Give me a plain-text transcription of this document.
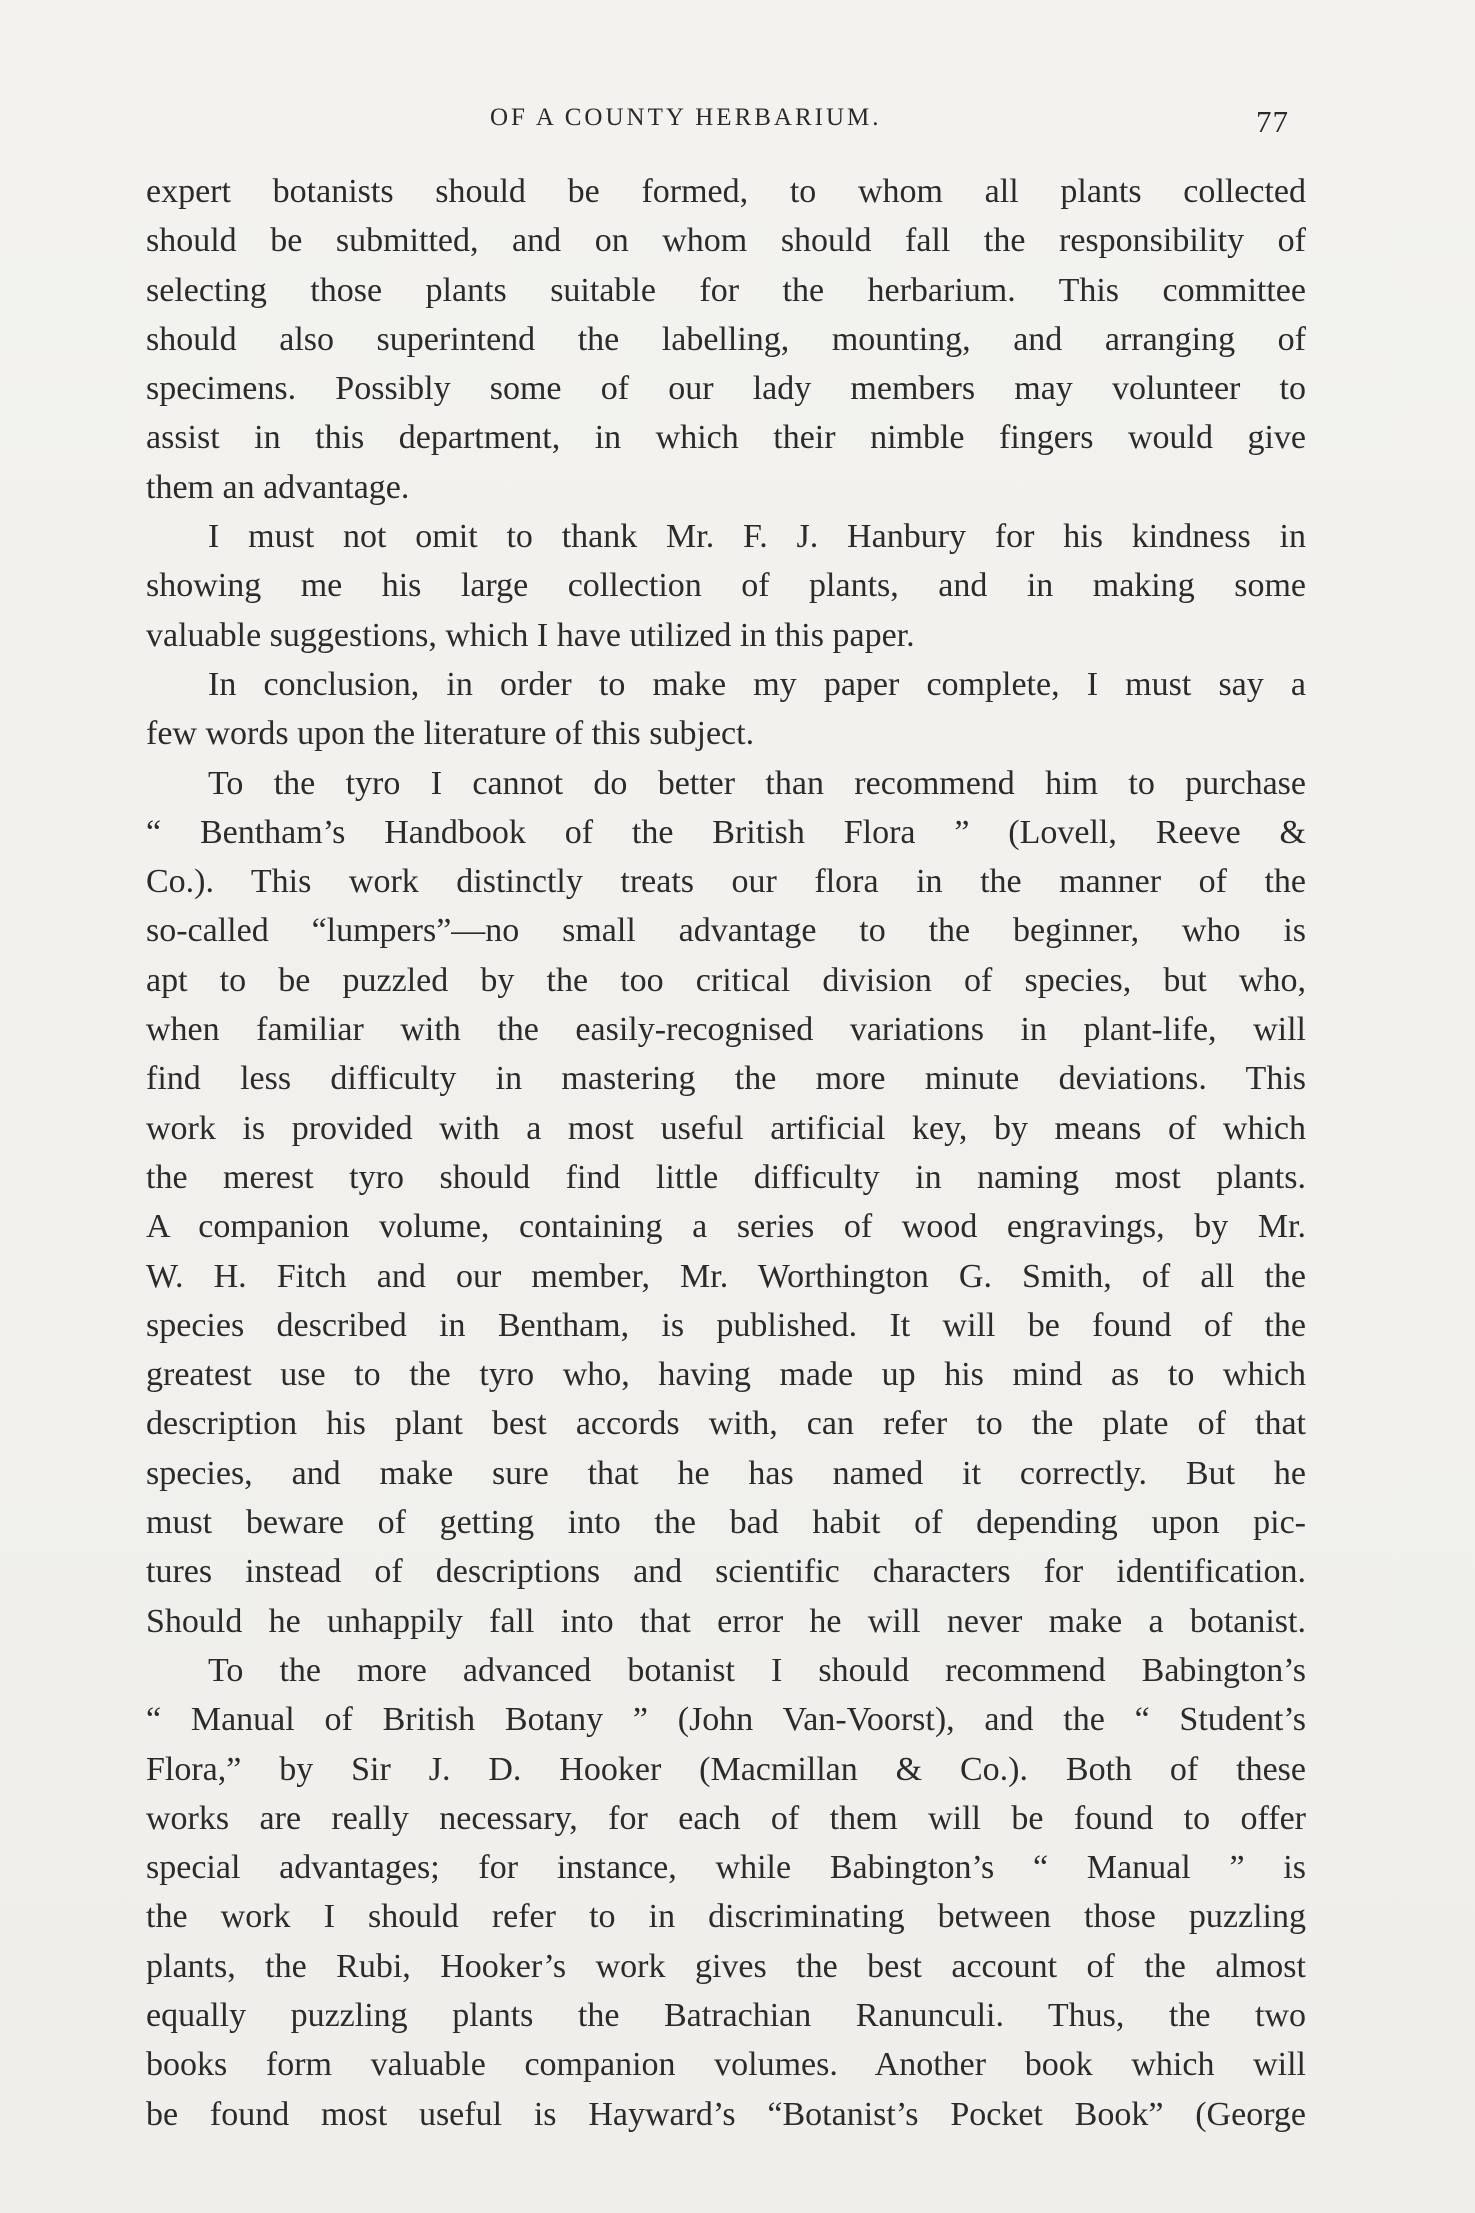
OF A COUNTY HERBARIUM.	77

expert botanists should be formed, to whom all plants collected
should be submitted, and on whom should fall the responsibility of
selecting those plants suitable for the herbarium. This committee
should also superintend the labelling, mounting, and arranging of
specimens. Possibly some of our lady members may volunteer to
assist in this department, in which their nimble fingers would give
them an advantage.

I must not omit to thank Mr. F. J. Hanbury for his kindness in
showing me his large collection of plants, and in making some
valuable suggestions, which I have utilized in this paper.

In conclusion, in order to make my paper complete, I must say a
few words upon the literature of this subject.

To the tyro I cannot do better than recommend him to purchase
“ Bentham’s Handbook of the British Flora ” (Lovell, Reeve &
Co.). This work distinctly treats our flora in the manner of the
so-called “lumpers”—no small advantage to the beginner, who is
apt to be puzzled by the too critical division of species, but who,
when familiar with the easily-recognised variations in plant-life, will
find less difficulty in mastering the more minute deviations. This
work is provided with a most useful artificial key, by means of which
the merest tyro should find little difficulty in naming most plants.
A companion volume, containing a series of wood engravings, by Mr.
W. H. Fitch and our member, Mr. Worthington G. Smith, of all the
species described in Bentham, is published. It will be found of the
greatest use to the tyro who, having made up his mind as to which
description his plant best accords with, can refer to the plate of that
species, and make sure that he has named it correctly. But he
must beware of getting into the bad habit of depending upon pic-
tures instead of descriptions and scientific characters for identification.
Should he unhappily fall into that error he will never make a botanist.

To the more advanced botanist I should recommend Babington’s
“ Manual of British Botany ” (John Van-Voorst), and the “ Student’s
Flora,” by Sir J. D. Hooker (Macmillan & Co.). Both of these
works are really necessary, for each of them will be found to offer
special advantages; for instance, while Babington’s “ Manual ” is
the work I should refer to in discriminating between those puzzling
plants, the Rubi, Hooker’s work gives the best account of the almost
equally puzzling plants the Batrachian Ranunculi. Thus, the two
books form valuable companion volumes. Another book which will
be found most useful is Hayward’s “Botanist’s Pocket Book” (George
